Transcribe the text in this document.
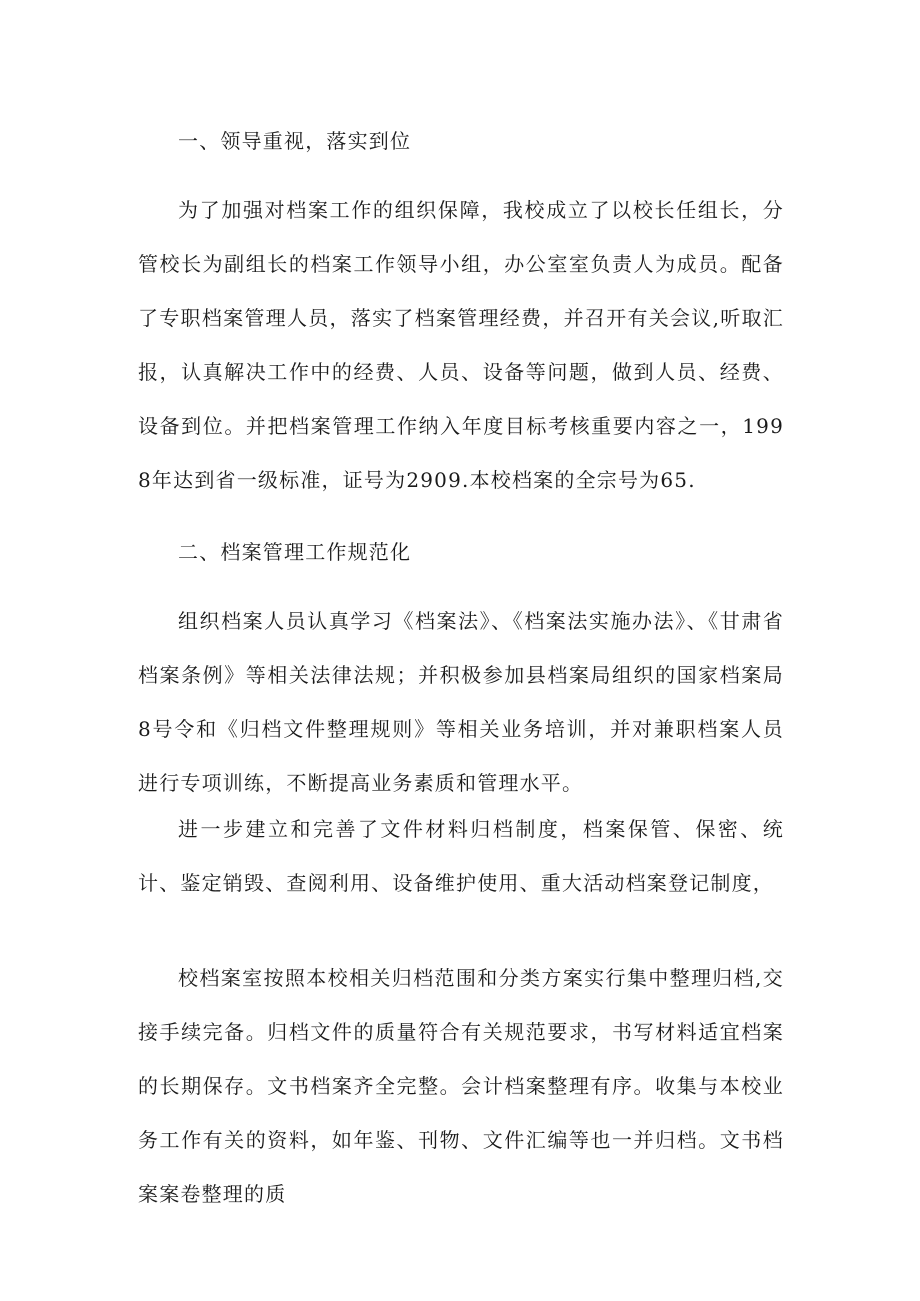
一、领导重视，落实到位

为了加强对档案工作的组织保障，我校成立了以校长任组长，分管校长为副组长的档案工作领导小组，办公室室负责人为成员。配备了专职档案管理人员，落实了档案管理经费，并召开有关会议,听取汇报，认真解决工作中的经费、人员、设备等问题，做到人员、经费、设备到位。并把档案管理工作纳入年度目标考核重要内容之一，1998年达到省一级标准，证号为2909.本校档案的全宗号为65.

二、档案管理工作规范化

组织档案人员认真学习《档案法》、《档案法实施办法》、《甘肃省档案条例》等相关法律法规；并积极参加县档案局组织的国家档案局8号令和《归档文件整理规则》等相关业务培训，并对兼职档案人员进行专项训练，不断提高业务素质和管理水平。

进一步建立和完善了文件材料归档制度，档案保管、保密、统计、鉴定销毁、查阅利用、设备维护使用、重大活动档案登记制度，

校档案室按照本校相关归档范围和分类方案实行集中整理归档,交接手续完备。归档文件的质量符合有关规范要求，书写材料适宜档案的长期保存。文书档案齐全完整。会计档案整理有序。收集与本校业务工作有关的资料，如年鉴、刊物、文件汇编等也一并归档。文书档案案卷整理的质
